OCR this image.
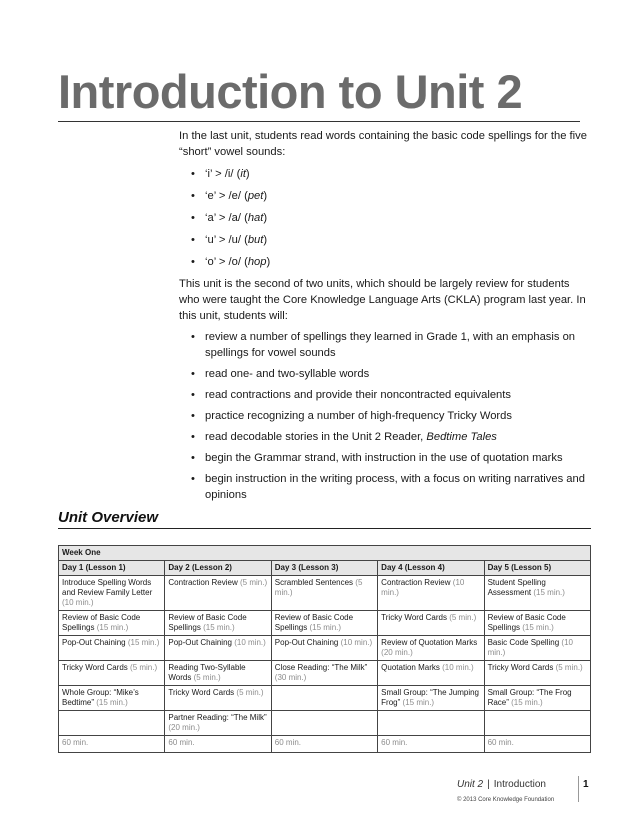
Introduction to Unit 2

In the last unit, students read words containing the basic code spellings for the five “short” vowel sounds:

• ‘i’ > /i/ (it)
• ‘e’ > /e/ (pet)
• ‘a’ > /a/ (hat)
• ‘u’ > /u/ (but)
• ‘o’ > /o/ (hop)

This unit is the second of two units, which should be largely review for students who were taught the Core Knowledge Language Arts (CKLA) program last year. In this unit, students will:

• review a number of spellings they learned in Grade 1, with an emphasis on spellings for vowel sounds
• read one- and two-syllable words
• read contractions and provide their noncontracted equivalents
• practice recognizing a number of high-frequency Tricky Words
• read decodable stories in the Unit 2 Reader, Bedtime Tales
• begin the Grammar strand, with instruction in the use of quotation marks
• begin instruction in the writing process, with a focus on writing narratives and opinions
Unit Overview
Week One				
Day 1 (Lesson 1)	Day 2 (Lesson 2)	Day 3 (Lesson 3)	Day 4 (Lesson 4)	Day 5 (Lesson 5)
Introduce Spelling Words and Review Family Letter (10 min.)	Contraction Review (5 min.)	Scrambled Sentences (5 min.)	Contraction Review (10 min.)	Student Spelling Assessment (15 min.)
Review of Basic Code Spellings (15 min.)	Review of Basic Code Spellings (15 min.)	Review of Basic Code Spellings (15 min.)	Tricky Word Cards (5 min.)	Review of Basic Code Spellings (15 min.)
Pop-Out Chaining (15 min.)	Pop-Out Chaining (10 min.)	Pop-Out Chaining (10 min.)	Review of Quotation Marks (20 min.)	Basic Code Spelling (10 min.)
Tricky Word Cards (5 min.)	Reading Two-Syllable Words (5 min.)	Close Reading: “The Milk” (30 min.)	Quotation Marks (10 min.)	Tricky Word Cards (5 min.)
Whole Group: “Mike’s Bedtime” (15 min.)	Tricky Word Cards (5 min.)		Small Group: “The Jumping Frog” (15 min.)	Small Group: “The Frog Race” (15 min.)
	Partner Reading: “The Milk” (20 min.)			
60 min.	60 min.	60 min.	60 min.	60 min.
Unit 2 | Introduction	1
© 2013 Core Knowledge Foundation
